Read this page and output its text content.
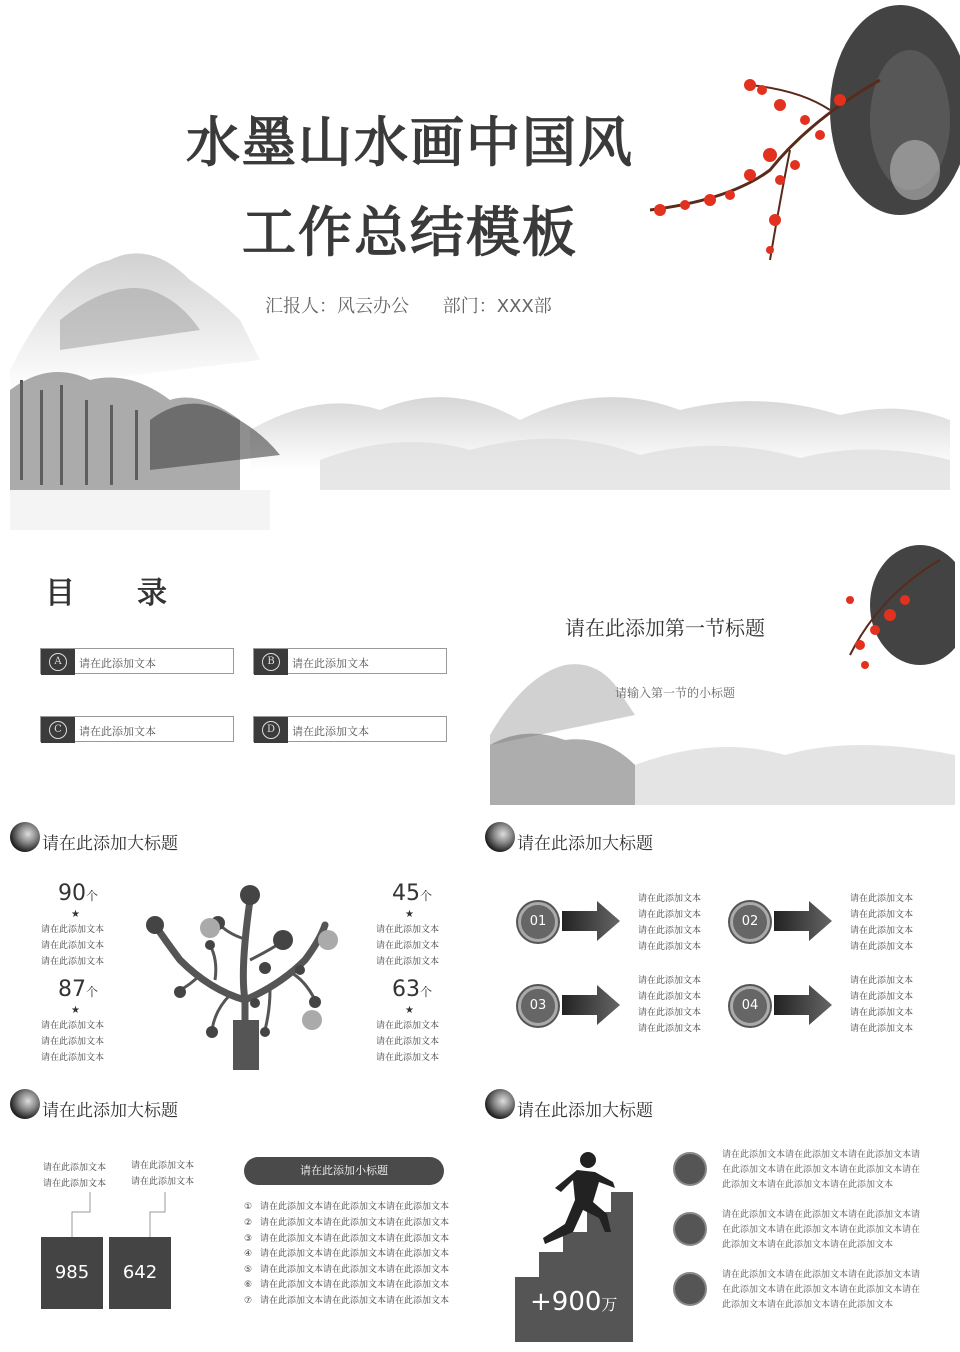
水墨山水画中国风
工作总结模板
汇报人：风云办公 部门：XXX部
目录
A	请在此添加文本	B	请在此添加文本
C	请在此添加文本	D	请在此添加文本
请在此添加第一节标题
请输入第一节的小标题
请在此添加大标题
90个
★
请在此添加文本
请在此添加文本
请在此添加文本
87个
★
请在此添加文本
请在此添加文本
请在此添加文本
45个
★
请在此添加文本
请在此添加文本
请在此添加文本
63个
★
请在此添加文本
请在此添加文本
请在此添加文本
请在此添加大标题
01
请在此添加文本
请在此添加文本
请在此添加文本
请在此添加文本
02
请在此添加文本
请在此添加文本
请在此添加文本
请在此添加文本
03
请在此添加文本
请在此添加文本
请在此添加文本
请在此添加文本
04
请在此添加文本
请在此添加文本
请在此添加文本
请在此添加文本
请在此添加大标题
请在此添加文本
请在此添加文本
请在此添加文本
请在此添加文本
985	642
请在此添加小标题
① 请在此添加文本请在此添加文本请在此添加文本
② 请在此添加文本请在此添加文本请在此添加文本
③ 请在此添加文本请在此添加文本请在此添加文本
④ 请在此添加文本请在此添加文本请在此添加文本
⑤ 请在此添加文本请在此添加文本请在此添加文本
⑥ 请在此添加文本请在此添加文本请在此添加文本
⑦ 请在此添加文本请在此添加文本请在此添加文本
请在此添加大标题
+900万
请在此添加文本请在此添加文本请在此添加文本请
在此添加文本请在此添加文本请在此添加文本请在
此添加文本请在此添加文本请在此添加文本
请在此添加文本请在此添加文本请在此添加文本请
在此添加文本请在此添加文本请在此添加文本请在
此添加文本请在此添加文本请在此添加文本
请在此添加文本请在此添加文本请在此添加文本请
在此添加文本请在此添加文本请在此添加文本请在
此添加文本请在此添加文本请在此添加文本
